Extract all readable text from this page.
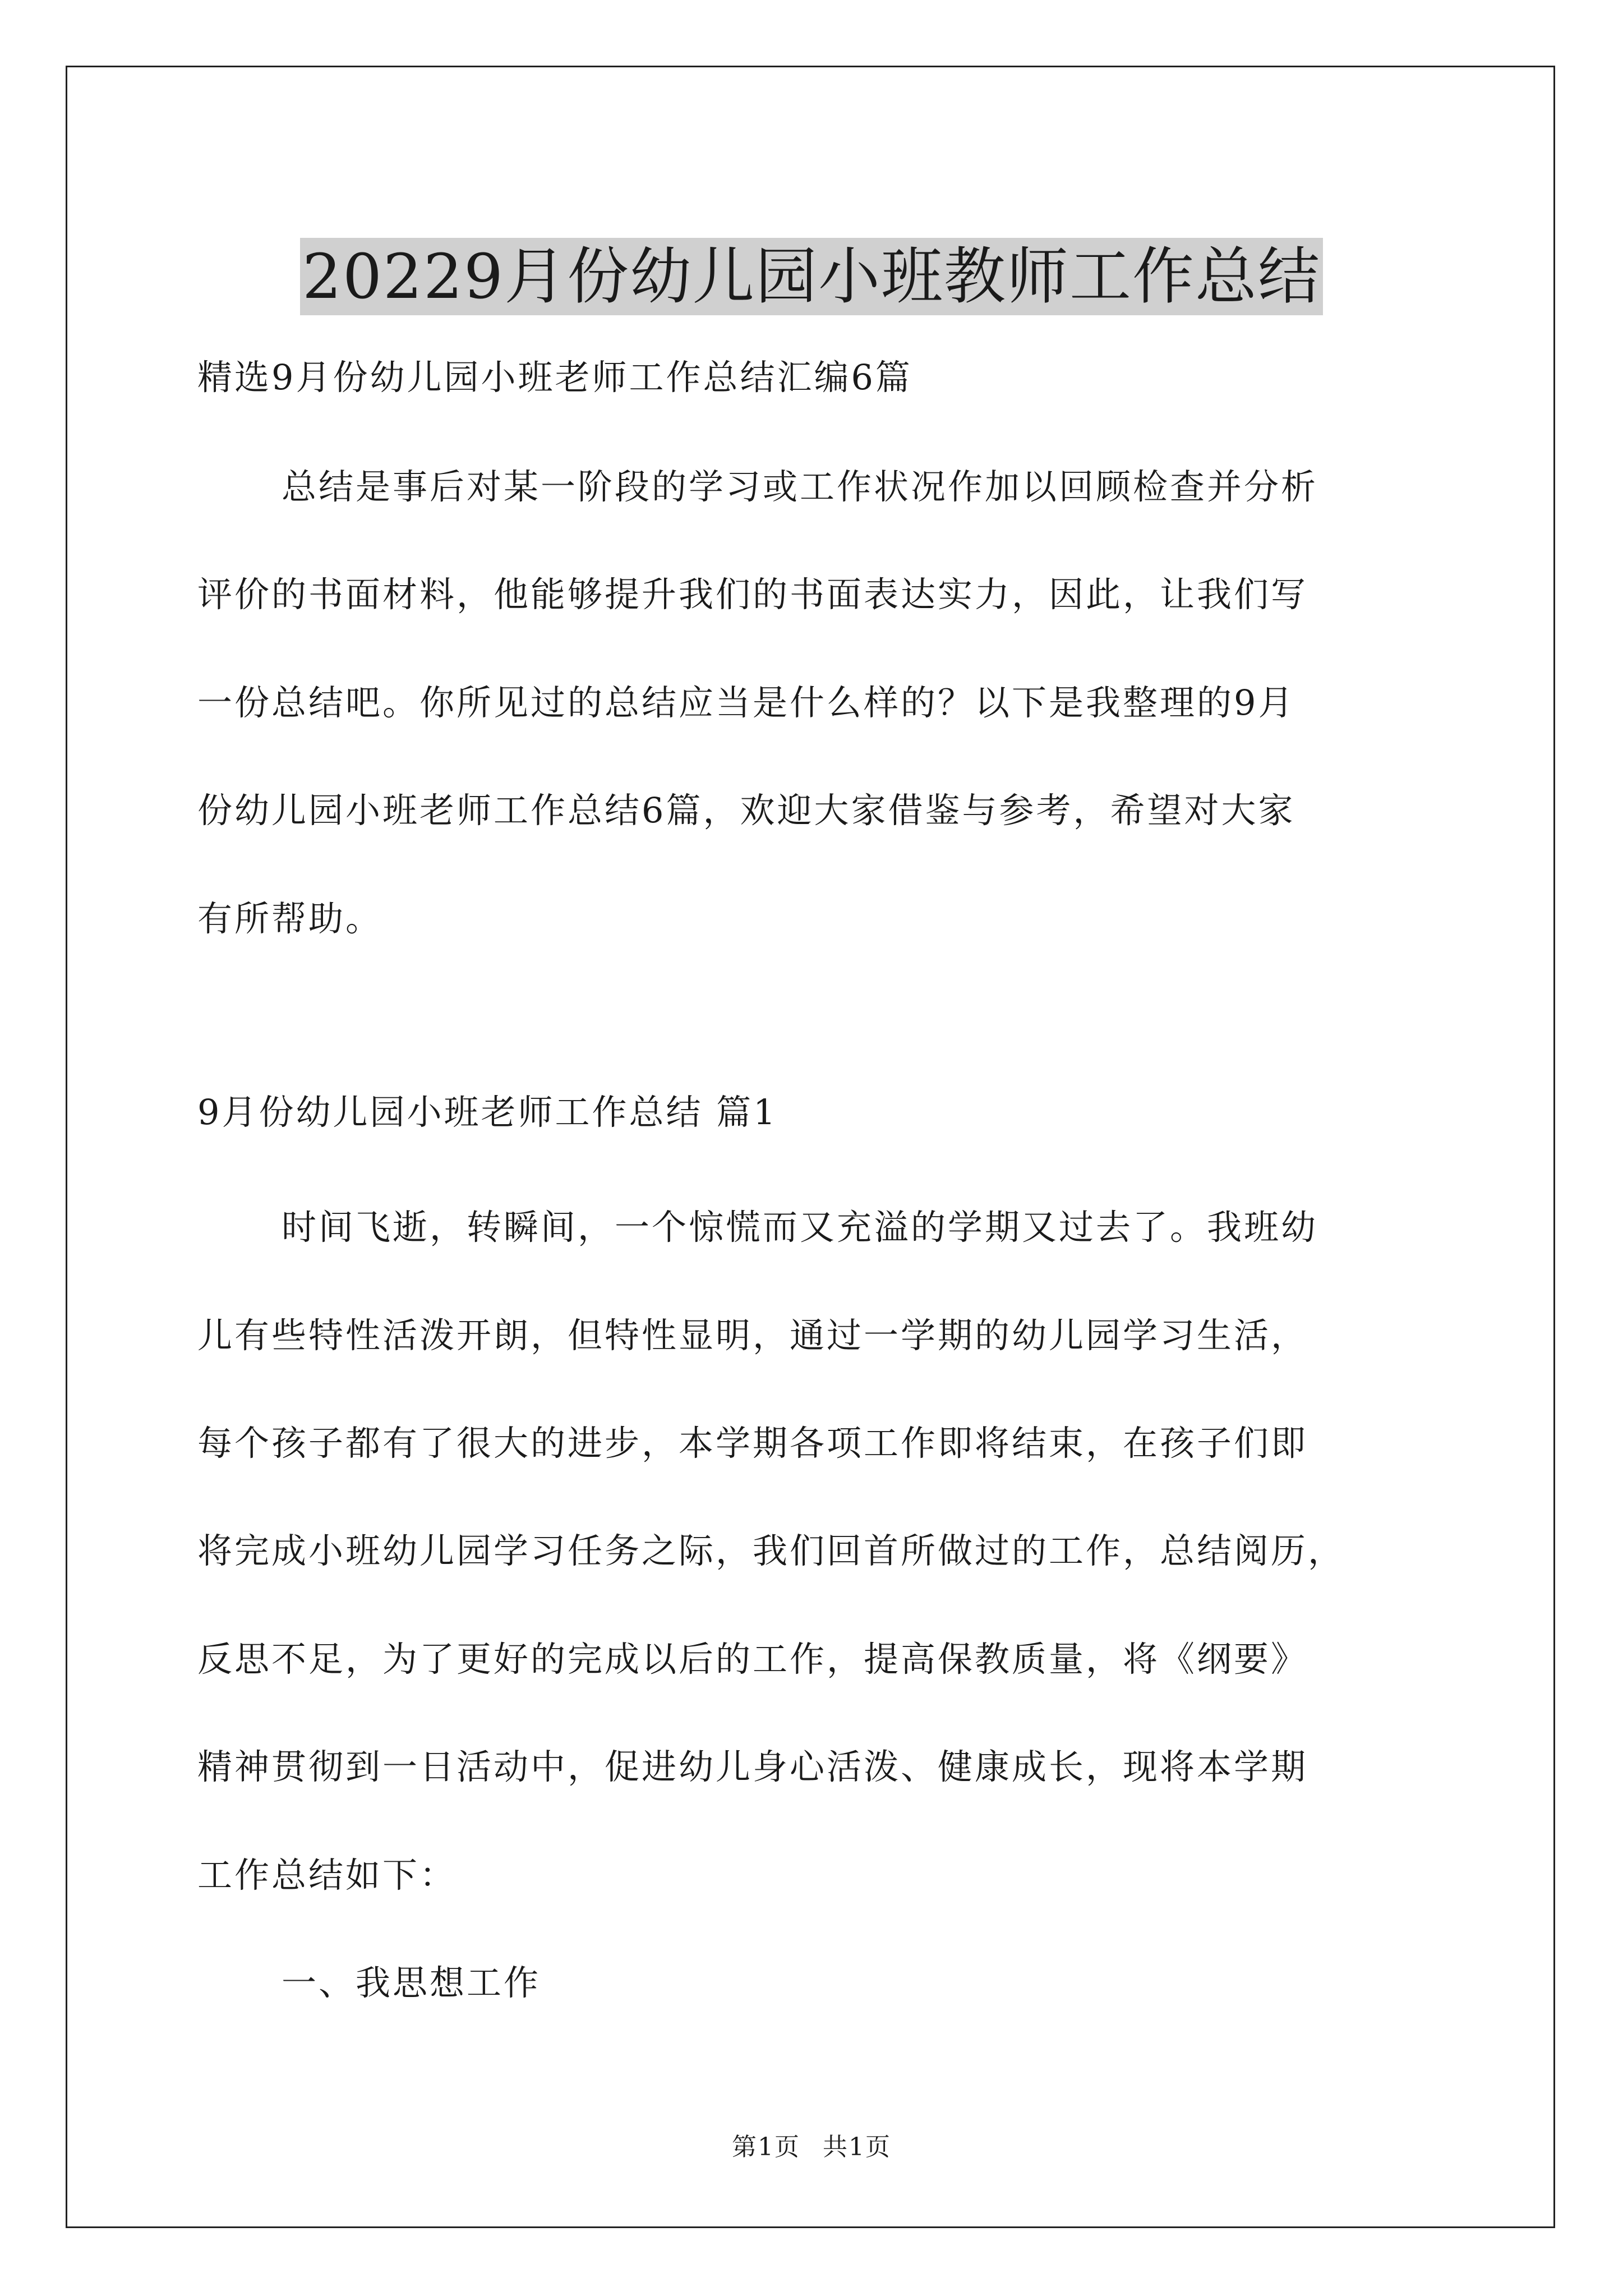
20229月份幼儿园小班教师工作总结
精选9月份幼儿园小班老师工作总结汇编6篇
总结是事后对某一阶段的学习或工作状况作加以回顾检查并分析
评价的书面材料，他能够提升我们的书面表达实力，因此，让我们写
一份总结吧。你所见过的总结应当是什么样的？以下是我整理的9月
份幼儿园小班老师工作总结6篇，欢迎大家借鉴与参考，希望对大家
有所帮助。
9月份幼儿园小班老师工作总结 篇1
时间飞逝，转瞬间，一个惊慌而又充溢的学期又过去了。我班幼
儿有些特性活泼开朗，但特性显明，通过一学期的幼儿园学习生活，
每个孩子都有了很大的进步，本学期各项工作即将结束，在孩子们即
将完成小班幼儿园学习任务之际，我们回首所做过的工作，总结阅历，
反思不足，为了更好的完成以后的工作，提高保教质量，将《纲要》
精神贯彻到一日活动中，促进幼儿身心活泼、健康成长，现将本学期
工作总结如下：
一、我思想工作
第1页 共1页
